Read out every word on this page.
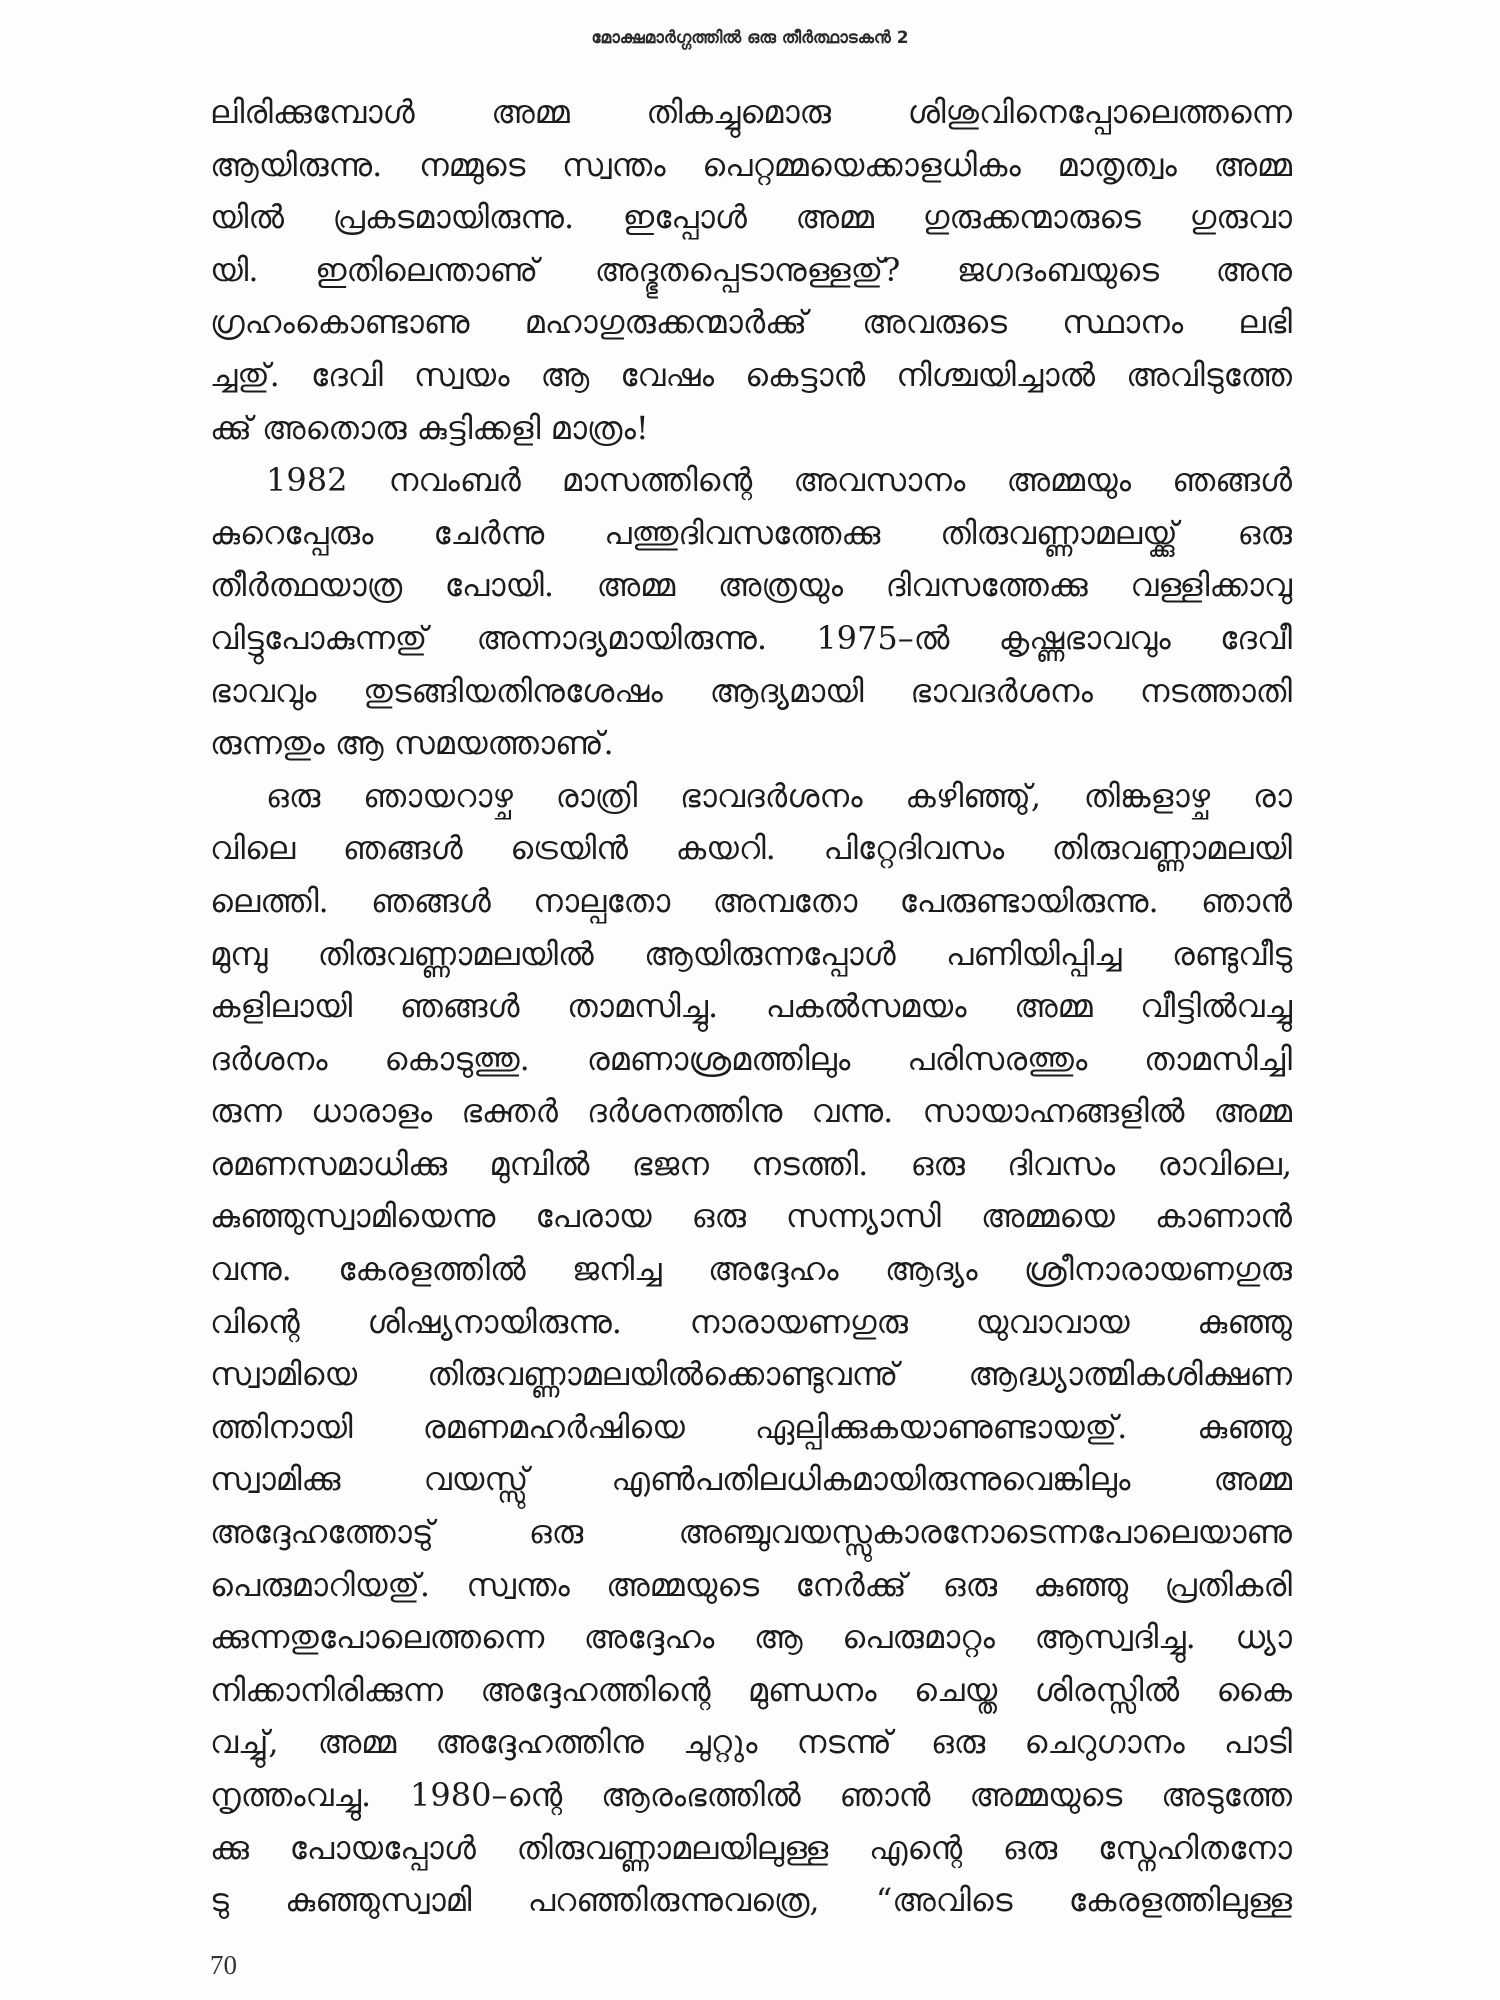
മോക്ഷമാർഗ്ഗത്തിൽ ഒരു തീർത്ഥാടകൻ 2
ലിരിക്കുമ്പോൾ അമ്മ തികച്ചുമൊരു ശിശുവിനെപ്പോലെത്തന്നെ
ആയിരുന്നു. നമ്മുടെ സ്വന്തം പെറ്റമ്മയെക്കാളധികം മാതൃത്വം അമ്മ
യിൽ പ്രകടമായിരുന്നു. ഇപ്പോൾ അമ്മ ഗുരുക്കന്മാരുടെ ഗുരുവാ
യി. ഇതിലെന്താണു് അദ്ഭുതപ്പെടാനുള്ളതു്? ജഗദംബയുടെ അനു
ഗ്രഹംകൊണ്ടാണു മഹാഗുരുക്കന്മാർക്കു് അവരുടെ സ്ഥാനം ലഭി
ച്ചതു്. ദേവി സ്വയം ആ വേഷം കെട്ടാൻ നിശ്ചയിച്ചാൽ അവിടുത്തേ
ക്കു് അതൊരു കുട്ടിക്കളി മാത്രം!
1982 നവംബർ മാസത്തിന്റെ അവസാനം അമ്മയും ഞങ്ങൾ
കുറെപ്പേരും ചേർന്നു പത്തുദിവസത്തേക്കു തിരുവണ്ണാമലയ്ക്കു് ഒരു
തീർത്ഥയാത്ര പോയി. അമ്മ അത്രയും ദിവസത്തേക്കു വള്ളിക്കാവു
വിട്ടുപോകുന്നതു് അന്നാദ്യമായിരുന്നു. 1975–ൽ കൃഷ്ണഭാവവും ദേവീ
ഭാവവും തുടങ്ങിയതിനുശേഷം ആദ്യമായി ഭാവദർശനം നടത്താതി
രുന്നതും ആ സമയത്താണു്.
ഒരു ഞായറാഴ്ച രാത്രി ഭാവദർശനം കഴിഞ്ഞു്, തിങ്കളാഴ്ച രാ
വിലെ ഞങ്ങൾ ട്രെയിൻ കയറി. പിറ്റേദിവസം തിരുവണ്ണാമലയി
ലെത്തി. ഞങ്ങൾ നാല്പതോ അമ്പതോ പേരുണ്ടായിരുന്നു. ഞാൻ
മുമ്പു തിരുവണ്ണാമലയിൽ ആയിരുന്നപ്പോൾ പണിയിപ്പിച്ച രണ്ടുവീടു
കളിലായി ഞങ്ങൾ താമസിച്ചു. പകൽസമയം അമ്മ വീട്ടിൽവച്ചു
ദർശനം കൊടുത്തു. രമണാശ്രമത്തിലും പരിസരത്തും താമസിച്ചി
രുന്ന ധാരാളം ഭക്തർ ദർശനത്തിനു വന്നു. സായാഹ്നങ്ങളിൽ അമ്മ
രമണസമാധിക്കു മുമ്പിൽ ഭജന നടത്തി. ഒരു ദിവസം രാവിലെ,
കുഞ്ഞുസ്വാമിയെന്നു പേരായ ഒരു സന്ന്യാസി അമ്മയെ കാണാൻ
വന്നു. കേരളത്തിൽ ജനിച്ച അദ്ദേഹം ആദ്യം ശ്രീനാരായണഗുരു
വിന്റെ ശിഷ്യനായിരുന്നു. നാരായണഗുരു യുവാവായ കുഞ്ഞു
സ്വാമിയെ തിരുവണ്ണാമലയിൽക്കൊണ്ടുവന്നു് ആദ്ധ്യാത്മികശിക്ഷണ
ത്തിനായി രമണമഹർഷിയെ ഏല്പിക്കുകയാണുണ്ടായതു്. കുഞ്ഞു
സ്വാമിക്കു വയസ്സു് എൺപതിലധികമായിരുന്നുവെങ്കിലും അമ്മ
അദ്ദേഹത്തോടു് ഒരു അഞ്ചുവയസ്സുകാരനോടെന്നപോലെയാണു
പെരുമാറിയതു്. സ്വന്തം അമ്മയുടെ നേർക്കു് ഒരു കുഞ്ഞു പ്രതികരി
ക്കുന്നതുപോലെത്തന്നെ അദ്ദേഹം ആ പെരുമാറ്റം ആസ്വദിച്ചു. ധ്യാ
നിക്കാനിരിക്കുന്ന അദ്ദേഹത്തിന്റെ മുണ്ഡനം ചെയ്ത ശിരസ്സിൽ കൈ
വച്ചു്, അമ്മ അദ്ദേഹത്തിനു ചുറ്റും നടന്നു് ഒരു ചെറുഗാനം പാടി
നൃത്തംവച്ചു. 1980–ന്റെ ആരംഭത്തിൽ ഞാൻ അമ്മയുടെ അടുത്തേ
ക്കു പോയപ്പോൾ തിരുവണ്ണാമലയിലുള്ള എന്റെ ഒരു സ്നേഹിതനോ
ടു കുഞ്ഞുസ്വാമി പറഞ്ഞിരുന്നുവത്രെ, “അവിടെ കേരളത്തിലുള്ള
70
